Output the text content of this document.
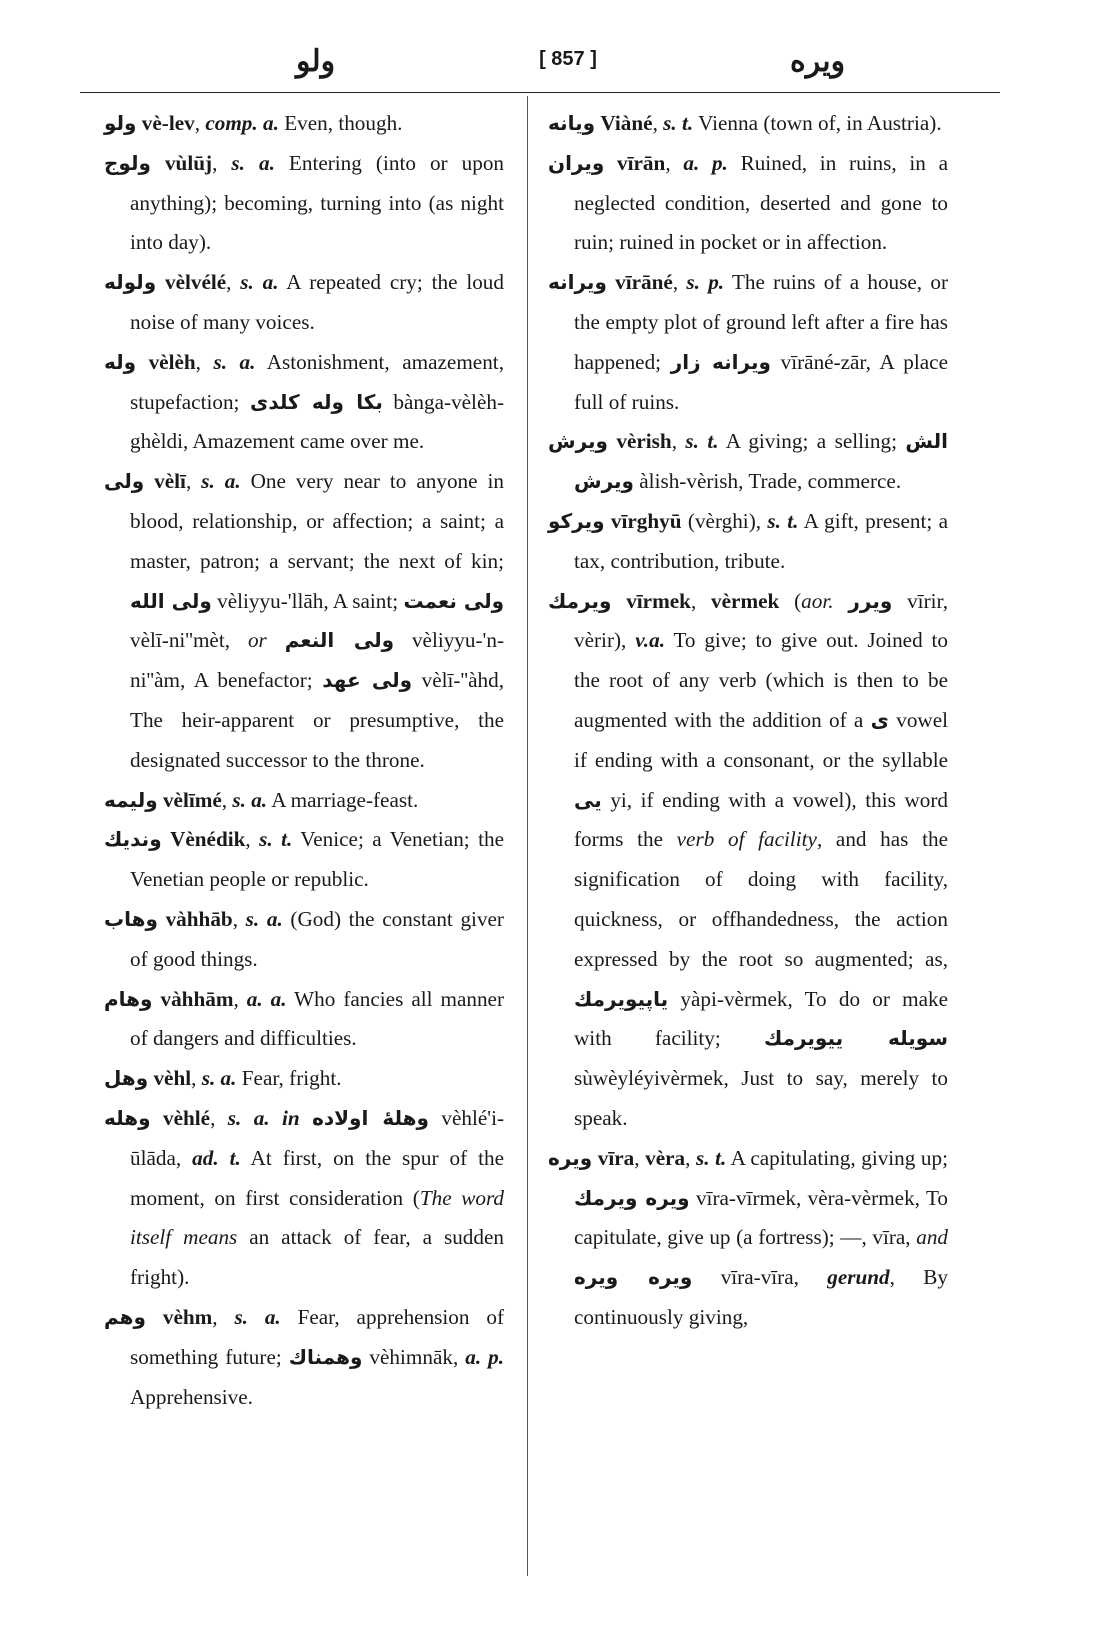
ولو	[ 857 ]	ویره

ولو vè-lev, comp. a. Even, though.

ولوج vùlūj, s. a. Entering (into or upon anything); becoming, turning into (as night into day).

ولوله vèlvélé, s. a. A repeated cry; the loud noise of many voices.

وله vèlèh, s. a. Astonishment, amazement, stupefaction; بکا وله کلدی bànga-vèlèh-ghèldi, Amazement came over me.

ولی vèlī, s. a. One very near to anyone in blood, relationship, or affection; a saint; a master, patron; a servant; the next of kin; ولی الله vèliyyu-'llāh, A saint; ولی نعمت vèlī-ni''mèt, or ولی النعم vèliyyu-'n-ni''àm, A benefactor; ولی عهد vèlī-''àhd, The heir-apparent or presumptive, the designated successor to the throne.

ولیمه vèlīmé, s. a. A marriage-feast.

وندیك Vènédik, s. t. Venice; a Venetian; the Venetian people or republic.

وهاب vàhhāb, s. a. (God) the constant giver of good things.

وهام vàhhām, a. a. Who fancies all manner of dangers and difficulties.

وهل vèhl, s. a. Fear, fright.

وهله vèhlé, s. a. in وهلهٔ اولاده vèhlé'i-ūlāda, ad. t. At first, on the spur of the moment, on first consideration (The word itself means an attack of fear, a sudden fright).

وهم vèhm, s. a. Fear, apprehension of something future; وهمناك vèhimnāk, a. p. Apprehensive.

ویانه Viàné, s. t. Vienna (town of, in Austria).

ویران vīrān, a. p. Ruined, in ruins, in a neglected condition, deserted and gone to ruin; ruined in pocket or in affection.

ویرانه vīrāné, s. p. The ruins of a house, or the empty plot of ground left after a fire has happened; ویرانه زار vīrāné-zār, A place full of ruins.

ویرش vèrish, s. t. A giving; a selling; الش ویرش àlish-vèrish, Trade, commerce.

ویرکو vīrghyū (vèrghi), s. t. A gift, present; a tax, contribution, tribute.

ویرمك vīrmek, vèrmek (aor. ویرر vīrir, vèrir), v.a. To give; to give out. Joined to the root of any verb (which is then to be augmented with the addition of a ی vowel if ending with a consonant, or the syllable یی yi, if ending with a vowel), this word forms the verb of facility, and has the signification of doing with facility, quickness, or offhandedness, the action expressed by the root so augmented; as, یاپیویرمك yàpi-vèrmek, To do or make with facility; سویله ییویرمك sùwèyléyivèrmek, Just to say, merely to speak.

ویره vīra, vèra, s. t. A capitulating, giving up; ویره ویرمك vīra-vīrmek, vèra-vèrmek, To capitulate, give up (a fortress); —, vīra, and ویره ویره vīra-vīra, gerund, By continuously giving,
